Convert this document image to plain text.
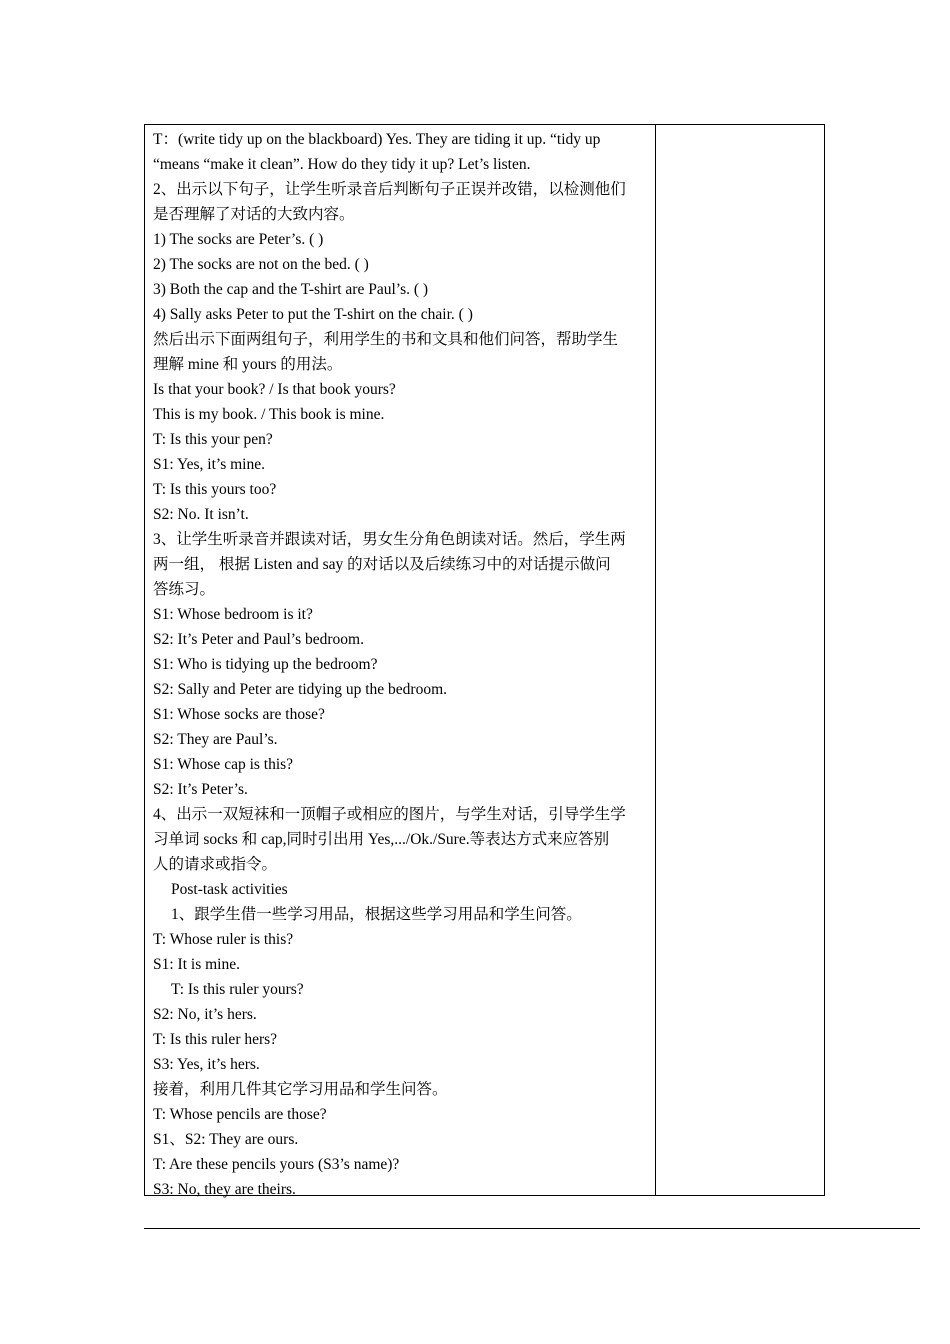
T：(write tidy up on the blackboard) Yes. They are tiding it up. “tidy up
“means “make it clean”. How do they tidy it up? Let’s listen.
2、出示以下句子，让学生听录音后判断句子正误并改错，以检测他们
是否理解了对话的大致内容。
1) The socks are Peter’s. ( )
2) The socks are not on the bed. ( )
3) Both the cap and the T-shirt are Paul’s. ( )
4) Sally asks Peter to put the T-shirt on the chair. ( )
然后出示下面两组句子，利用学生的书和文具和他们问答，帮助学生
理解 mine 和 yours 的用法。
Is that your book? / Is that book yours?
This is my book. / This book is mine.
T: Is this your pen?
S1: Yes, it’s mine.
T: Is this yours too?
S2: No. It isn’t.
3、让学生听录音并跟读对话，男女生分角色朗读对话。然后，学生两
两一组， 根据 Listen and say 的对话以及后续练习中的对话提示做问
答练习。
S1: Whose bedroom is it?
S2: It’s Peter and Paul’s bedroom.
S1: Who is tidying up the bedroom?
S2: Sally and Peter are tidying up the bedroom.
S1: Whose socks are those?
S2: They are Paul’s.
S1: Whose cap is this?
S2: It’s Peter’s.
4、出示一双短袜和一顶帽子或相应的图片，与学生对话，引导学生学
习单词 socks 和 cap,同时引出用 Yes,.../Ok./Sure.等表达方式来应答别
人的请求或指令。
Post-task activities
1、跟学生借一些学习用品，根据这些学习用品和学生问答。
T: Whose ruler is this?
S1: It is mine.
T: Is this ruler yours?
S2: No, it’s hers.
T: Is this ruler hers?
S3: Yes, it’s hers.
接着，利用几件其它学习用品和学生问答。
T: Whose pencils are those?
S1、S2: They are ours.
T: Are these pencils yours (S3’s name)?
S3: No, they are theirs.
